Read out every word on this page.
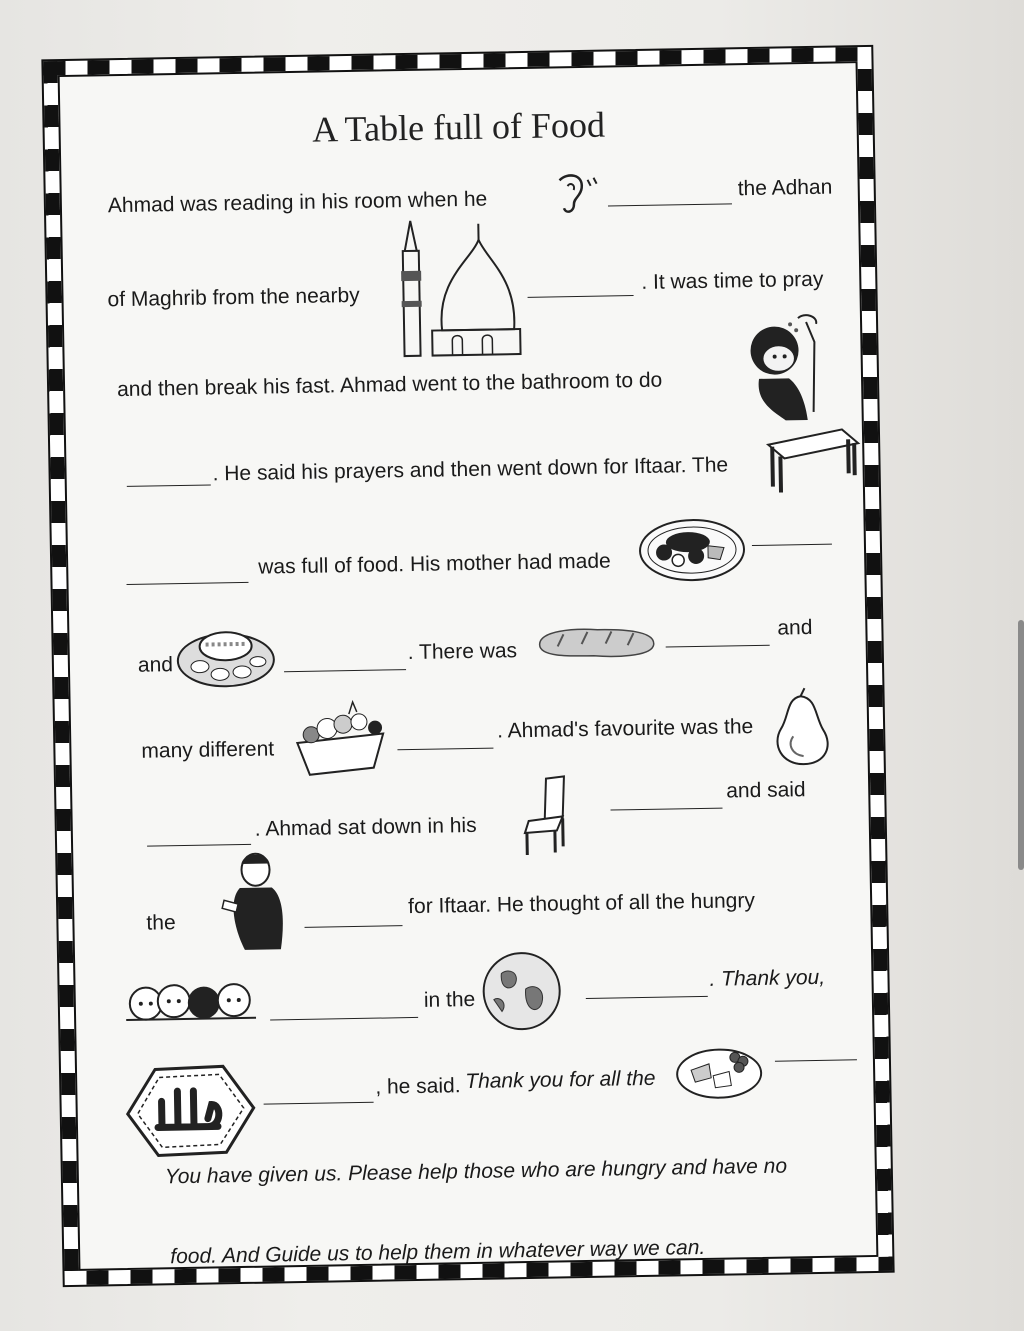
A Table full of Food
Ahmad was reading in his room when he	the Adhan
of Maghrib from the nearby
. It was time to pray
and then break his fast. Ahmad went to the bathroom to do
. He said his prayers and then went down for Iftaar. The
was full of food. His mother had made
and
. There was
and
many different
. Ahmad's favourite was the
. Ahmad sat down in his
and said
the
for Iftaar. He thought of all the hungry
in the
. Thank you,
, he said. Thank you for all the
You have given us. Please help those who are hungry and have no
food. And Guide us to help them in whatever way we can.
